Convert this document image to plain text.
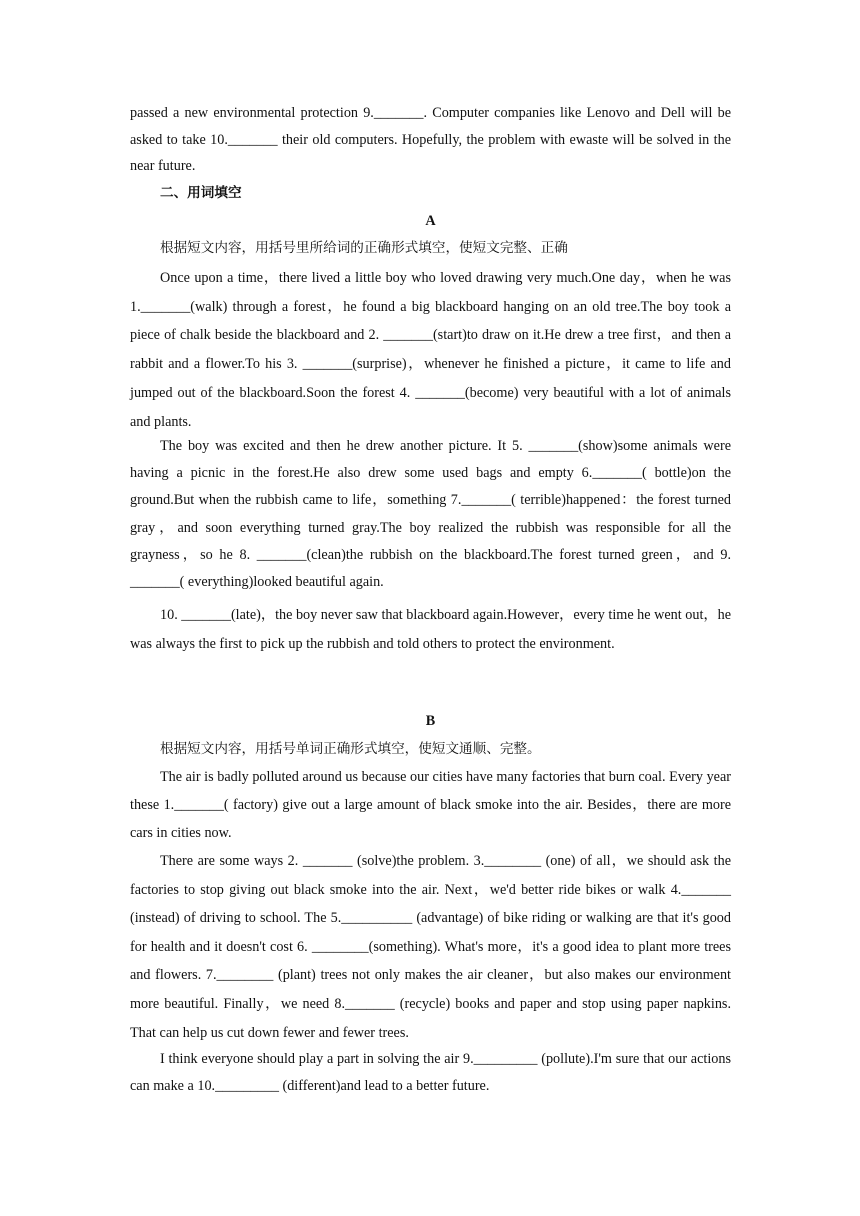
passed a new environmental protection 9._______. Computer companies like Lenovo and Dell will be asked to take 10._______ their old computers. Hopefully, the problem with ewaste will be solved in the near future.

二、用词填空

A

根据短文内容，用括号里所给词的正确形式填空，使短文完整、正确

Once upon a time，there lived a little boy who loved drawing very much.One day，when he was 1._______(walk) through a forest，he found a big blackboard hanging on an old tree.The boy took a piece of chalk beside the blackboard and 2. _______(start)to draw on it.He drew a tree first，and then a rabbit and a flower.To his 3. _______(surprise)，whenever he finished a picture，it came to life and jumped out of the blackboard.Soon the forest 4. _______(become) very beautiful with a lot of animals and plants.

The boy was excited and then he drew another picture. It 5. _______(show)some animals were having a picnic in the forest.He also drew some used bags and empty 6._______( bottle)on the ground.But when the rubbish came to life，something 7._______( terrible)happened：the forest turned gray，and soon everything turned gray.The boy realized the rubbish was responsible for all the grayness，so he 8. _______(clean)the rubbish on the blackboard.The forest turned green，and 9. _______( everything)looked beautiful again.

10. _______(late)，the boy never saw that blackboard again.However，every time he went out，he was always the first to pick up the rubbish and told others to protect the environment.

B

根据短文内容，用括号单词正确形式填空，使短文通顺、完整。

The air is badly polluted around us because our cities have many factories that burn coal. Every year these 1._______( factory) give out a large amount of black smoke into the air. Besides，there are more cars in cities now.

There are some ways 2. _______ (solve)the problem. 3.________ (one) of all，we should ask the factories to stop giving out black smoke into the air. Next，we'd better ride bikes or walk 4._______ (instead) of driving to school. The 5.__________ (advantage) of bike riding or walking are that it's good for health and it doesn't cost 6. ________(something). What's more，it's a good idea to plant more trees and flowers. 7.________ (plant) trees not only makes the air cleaner，but also makes our environment more beautiful. Finally，we need 8._______ (recycle) books and paper and stop using paper napkins. That can help us cut down fewer and fewer trees.

I think everyone should play a part in solving the air 9._________ (pollute).I'm sure that our actions can make a 10._________ (different)and lead to a better future.
